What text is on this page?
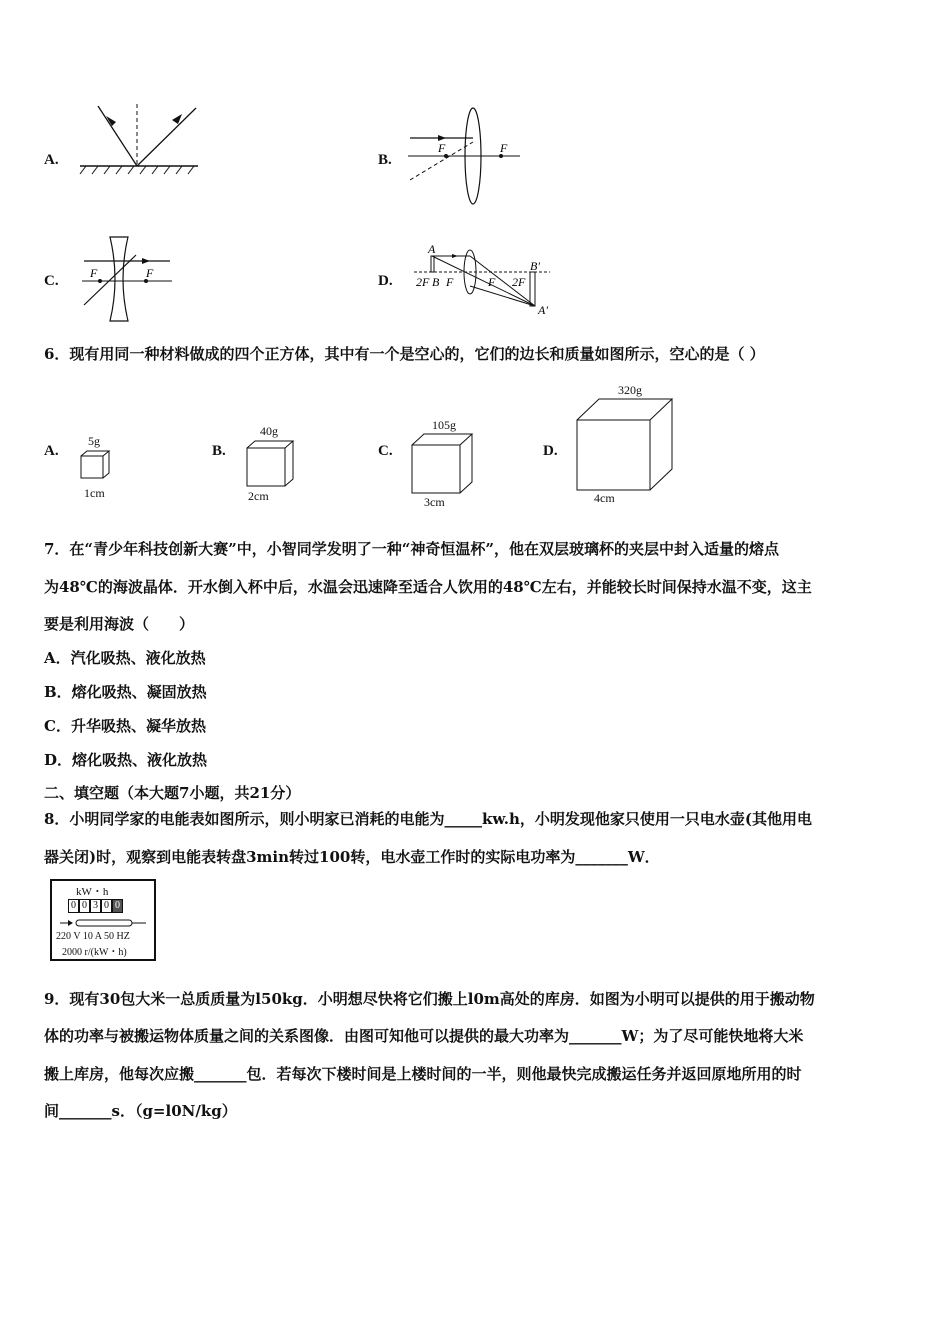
A.	B.
F	F
C.	F	F	D.
A
B
2F F	F 2F
B'
A'
6．现有用同一种材料做成的四个正方体，其中有一个是空心的，它们的边长和质量如图所示，空心的是（ ）
A.
5g
1cm
B.
40g
2cm
C.
105g
3cm
D.
320g
4cm
7．在“青少年科技创新大赛”中，小智同学发明了一种“神奇恒温杯”，他在双层玻璃杯的夹层中封入适量的熔点
为48℃的海波晶体．开水倒入杯中后，水温会迅速降至适合人饮用的48℃左右，并能较长时间保持水温不变，这主
要是利用海波（　　）
A．汽化吸热、液化放热
B．熔化吸热、凝固放热
C．升华吸热、凝华放热
D．熔化吸热、液化放热
二、填空题（本大题7小题，共21分）
8．小明同学家的电能表如图所示，则小明家已消耗的电能为_____kw.h，小明发现他家只使用一只电水壶(其他用电
器关闭)时，观察到电能表转盘3min转过100转，电水壶工作时的实际电功率为_______W．
kW・h
0 0 3 0 0
220 V 10 A 50 HZ
2000 r/(kW・h)
9．现有30包大米一总质质量为l50kg．小明想尽快将它们搬上l0m高处的库房．如图为小明可以提供的用于搬动物
体的功率与被搬运物体质量之间的关系图像．由图可知他可以提供的最大功率为_______W；为了尽可能快地将大米
搬上库房，他每次应搬_______包．若每次下楼时间是上楼时间的一半，则他最快完成搬运任务并返回原地所用的时
间_______s．（g=l0N/kg）
